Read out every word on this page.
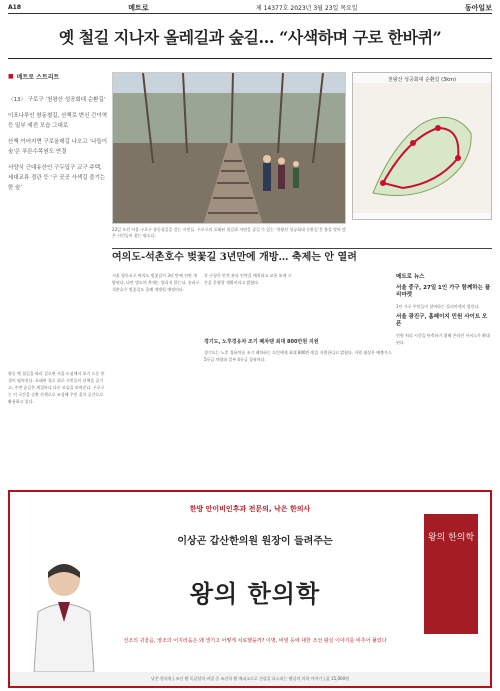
A18	메트로	제 14377호 2023년 3월 23일 목요일	동아일보
옛 철길 지나자 올레길과 숲길… “사색하며 구로 한바퀴”
■ 메트로 스트리트

〈13〉 구로구 ‘천왕산 성공회대 순환길’

이포나루인 항동철길, 산책로 변신 간이역 등 일부 예전 모습 그대로

산책 이어지면 구로올레길 나오고 ‘나들이 숲’은 푸른수목원도 연결

서양식 근대유산인 구두입구 교구 주택, 세대교류 경관 등 ‘구 곳곳 사색길 즐기는 한 숲’

23일 오전 서울 구로구 항동철길을 걷는 시민들. 구로구의 오래된 철길과 자연을 즐길 수 있는 ‘천왕산 성공회대 순환길’은 봄을 맞아 많은 시민들이 찾는 명소다.
천왕산 성공회대 순환길 (3km)
여의도-석촌호수 벚꽃길 3년만에 개방… 축제는 안 열려
항동 옛 철길을 따라 걸으면 서울 도심에서 보기 드문 풍경이 펼쳐진다. 오래된 철로 위로 시민들이 산책을 즐기고, 주변 숲길은 계절마다 다른 모습을 보여준다. 구로구는 이 구간을 순환 산책로로 조성해 주민 휴식 공간으로 활용하고 있다.
서울 영등포구 여의도 벚꽃길이 3년 만에 전면 개방된다. 다만 별도의 축제는 열리지 않는다. 송파구 석촌호수 벚꽃길도 올해 개방될 예정이다.
각 구청은 안전 관리 인력을 배치하고 교통 통제 구간을 운영할 계획이라고 밝혔다.
경기도, 노후경유차 조기 폐차땐 최대 800만원 지원
경기도는 노후 경유차를 조기 폐차하는 도민에게 최대 800만 원을 지원한다고 밝혔다. 지원 대상은 배출가스 5등급 차량과 일부 4등급 경유차다.
메트로 뉴스
서울 중구, 27일 1인 가구 함께하는 플리마켓
1인 가구 주민들이 참여하는 플리마켓이 열린다.
서울 광진구, 홈페이지 민원 사이트 오픈
민원 처리 시간을 단축하기 위해 온라인 서비스가 확대된다.
한방 안이비인후과 전문의, 낙은 한의사
이상곤 갑산한의원 원장이 들려주는
왕의 한의학
선조의 귀울음, 영조의 어지러움은 왜 생기고 어떻게 치료했을까? 이명, 비염 등에 대한 조선 왕실 이야기를 비추어 풀었다
왕의 한의학
낮은 한의학 | 조선 왕 독살설의 비밀 중 조선의 왕 에피소드로 건강을 다스리는 왕실의 의학 이야기 | 값 15,000원
